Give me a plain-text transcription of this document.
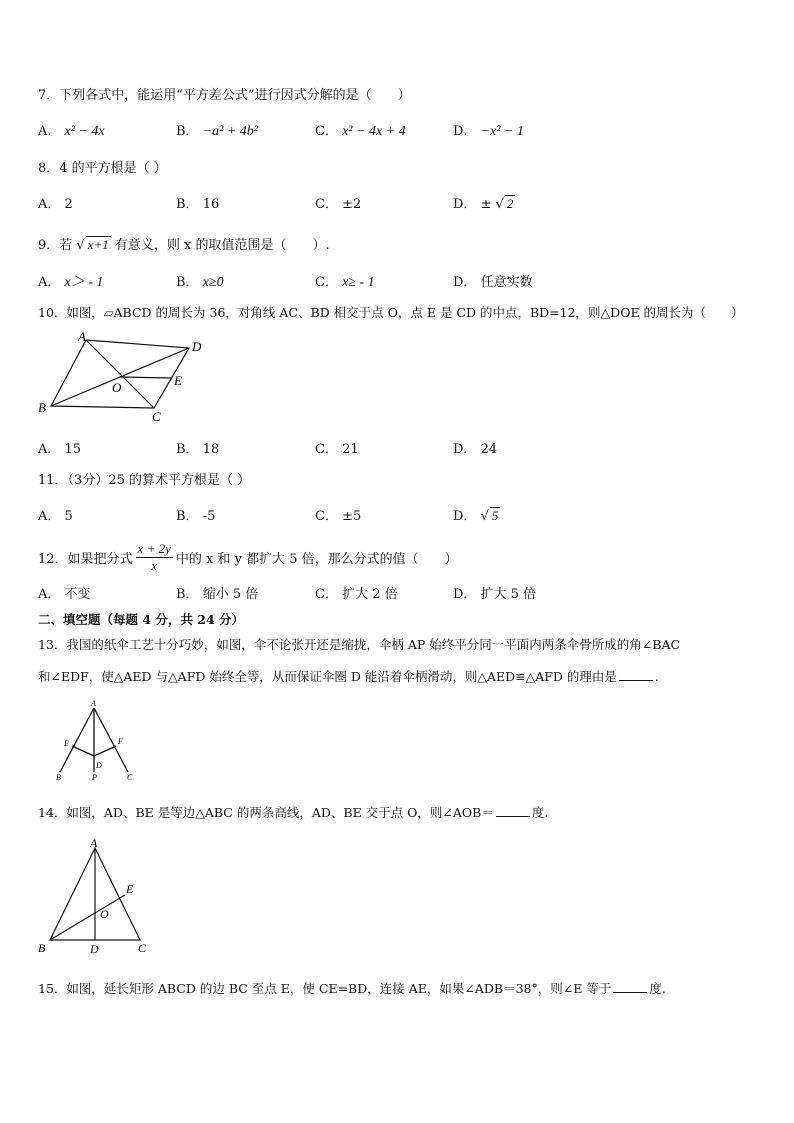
7．下列各式中，能运用“平方差公式”进行因式分解的是（　　）
A． x² − 4x	B． −a² + 4b²	C． x² − 4x + 4	D． −x² − 1
8．4 的平方根是（ ）
A． 2	B． 16	C． ±2	D． ± √ 2
9．若 √ x+1 有意义，则 x 的取值范围是（　　）.
A． x＞ - 1	B． x≥0	C． x≥ - 1	D． 任意实数
10．如图，▱ABCD 的周长为 36，对角线 AC、BD 相交于点 O，点 E 是 CD 的中点，BD=12，则△DOE 的周长为（　　）
A
D
B
C
O	E
A． 15	B． 18	C． 21	D． 24
11．（3分）25 的算术平方根是（ ）
A． 5	B． -5	C． ±5	D． √ 5
12．如果把分式 $\frac{x + 2y}{x}$ 中的 x 和 y 都扩大 5 倍，那么分式的值（　　）
A． 不变	B． 缩小 5 倍	C． 扩大 2 倍	D． 扩大 5 倍
二、填空题（每题 4 分，共 24 分）
13．我国的纸伞工艺十分巧妙，如图，伞不论张开还是缩拢，伞柄 AP 始终平分同一平面内两条伞骨所成的角∠BAC
和∠EDF，使△AED 与△AFD 始终全等，从而保证伞圈 D 能沿着伞柄滑动，则△AED≌△AFD 的理由是	.
A
E	F
D
B	P	C
14．如图，AD、BE 是等边△ABC 的两条高线，AD、BE 交于点 O，则∠AOB＝	度.
A
E
O
B	D	C
15．如图，延长矩形 ABCD 的边 BC 至点 E，使 CE=BD，连接 AE，如果∠ADB＝38°，则∠E 等于	度.
